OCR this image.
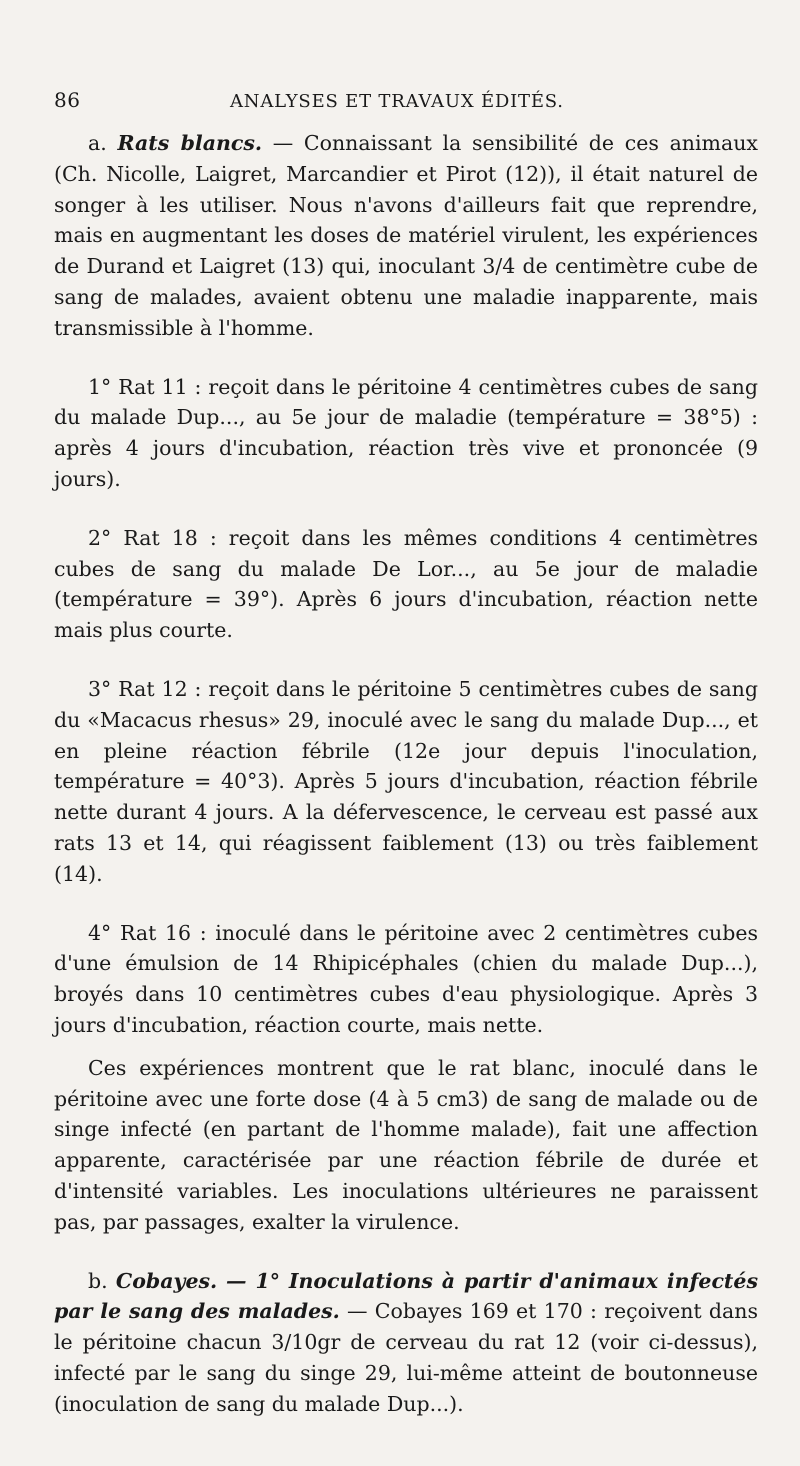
86	ANALYSES ET TRAVAUX ÉDITÉS.

a. Rats blancs. — Connaissant la sensibilité de ces animaux (Ch. Nicolle, Laigret, Marcandier et Pirot (12)), il était naturel de songer à les utiliser. Nous n'avons d'ailleurs fait que reprendre, mais en augmentant les doses de matériel virulent, les expériences de Durand et Laigret (13) qui, inoculant 3/4 de centimètre cube de sang de malades, avaient obtenu une maladie inapparente, mais transmissible à l'homme.

1° Rat 11 : reçoit dans le péritoine 4 centimètres cubes de sang du malade Dup..., au 5e jour de maladie (température = 38°5) : après 4 jours d'incubation, réaction très vive et prononcée (9 jours).

2° Rat 18 : reçoit dans les mêmes conditions 4 centimètres cubes de sang du malade De Lor..., au 5e jour de maladie (température = 39°). Après 6 jours d'incubation, réaction nette mais plus courte.

3° Rat 12 : reçoit dans le péritoine 5 centimètres cubes de sang du «Macacus rhesus» 29, inoculé avec le sang du malade Dup..., et en pleine réaction fébrile (12e jour depuis l'inoculation, température = 40°3). Après 5 jours d'incubation, réaction fébrile nette durant 4 jours. A la défervescence, le cerveau est passé aux rats 13 et 14, qui réagissent faiblement (13) ou très faiblement (14).

4° Rat 16 : inoculé dans le péritoine avec 2 centimètres cubes d'une émulsion de 14 Rhipicéphales (chien du malade Dup...), broyés dans 10 centimètres cubes d'eau physiologique. Après 3 jours d'incubation, réaction courte, mais nette.

Ces expériences montrent que le rat blanc, inoculé dans le péritoine avec une forte dose (4 à 5 cm3) de sang de malade ou de singe infecté (en partant de l'homme malade), fait une affection apparente, caractérisée par une réaction fébrile de durée et d'intensité variables. Les inoculations ultérieures ne paraissent pas, par passages, exalter la virulence.

b. Cobayes. — 1° Inoculations à partir d'animaux infectés par le sang des malades. — Cobayes 169 et 170 : reçoivent dans le péritoine chacun 3/10gr de cerveau du rat 12 (voir ci-dessus), infecté par le sang du singe 29, lui-même atteint de boutonneuse (inoculation de sang du malade Dup...).
